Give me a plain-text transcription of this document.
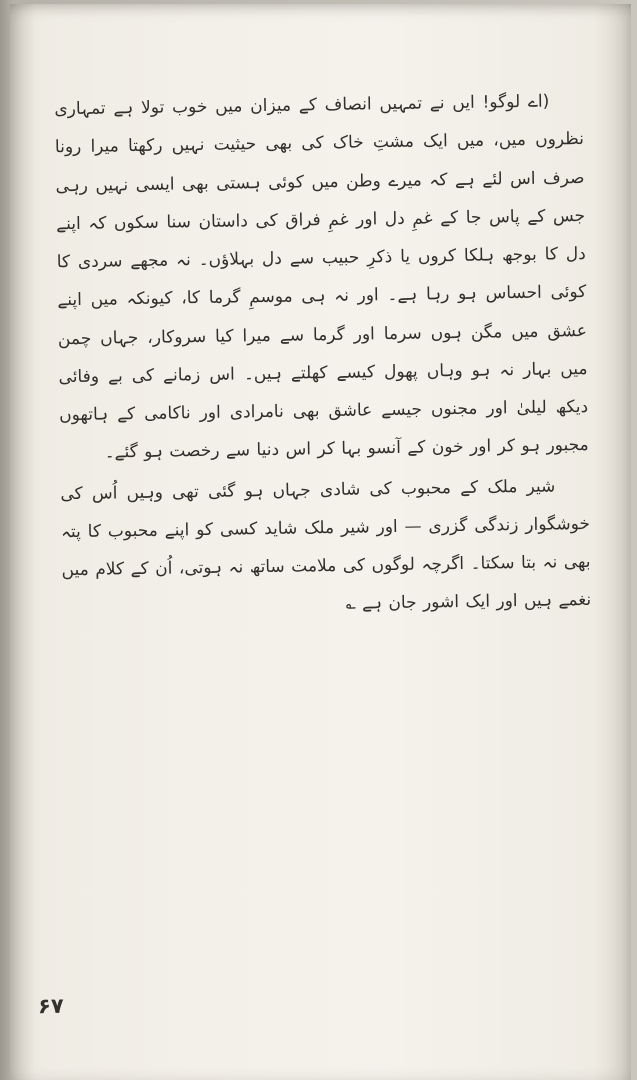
(اے لوگو! ایں نے تمہیں انصاف کے میزان میں خوب تولا ہے تمہاری نظروں میں، میں ایک مشتِ خاک کی بھی حیثیت نہیں رکھتا میرا رونا صرف اس لئے ہے کہ میرے وطن میں کوئی ہستی بھی ایسی نہیں رہی جس کے پاس جا کے غمِ دل اور غمِ فراق کی داستان سنا سکوں کہ اپنے دل کا بوجھ ہلکا کروں یا ذکرِ حبیب سے دل بہلاؤں۔ نہ مجھے سردی کا کوئی احساس ہو رہا ہے۔ اور نہ ہی موسمِ گرما کا، کیونکہ میں اپنے عشق میں مگن ہوں سرما اور گرما سے میرا کیا سروکار، جہاں چمن میں بہار نہ ہو وہاں پھول کیسے کھلتے ہیں۔ اس زمانے کی بے وفائی دیکھ لیلیٰ اور مجنوں جیسے عاشق بھی نامرادی اور ناکامی کے ہاتھوں مجبور ہو کر اور خون کے آنسو بہا کر اس دنیا سے رخصت ہو گئے۔

شیر ملک کے محبوب کی شادی جہاں ہو گئی تھی وہیں اُس کی خوشگوار زندگی گزری — اور شیر ملک شاید کسی کو اپنے محبوب کا پتہ بھی نہ بتا سکتا۔ اگرچہ لوگوں کی ملامت ساتھ نہ ہوتی، اُن کے کلام میں نغمے ہیں اور ایک اشور جان ہے ؎

۶۷
